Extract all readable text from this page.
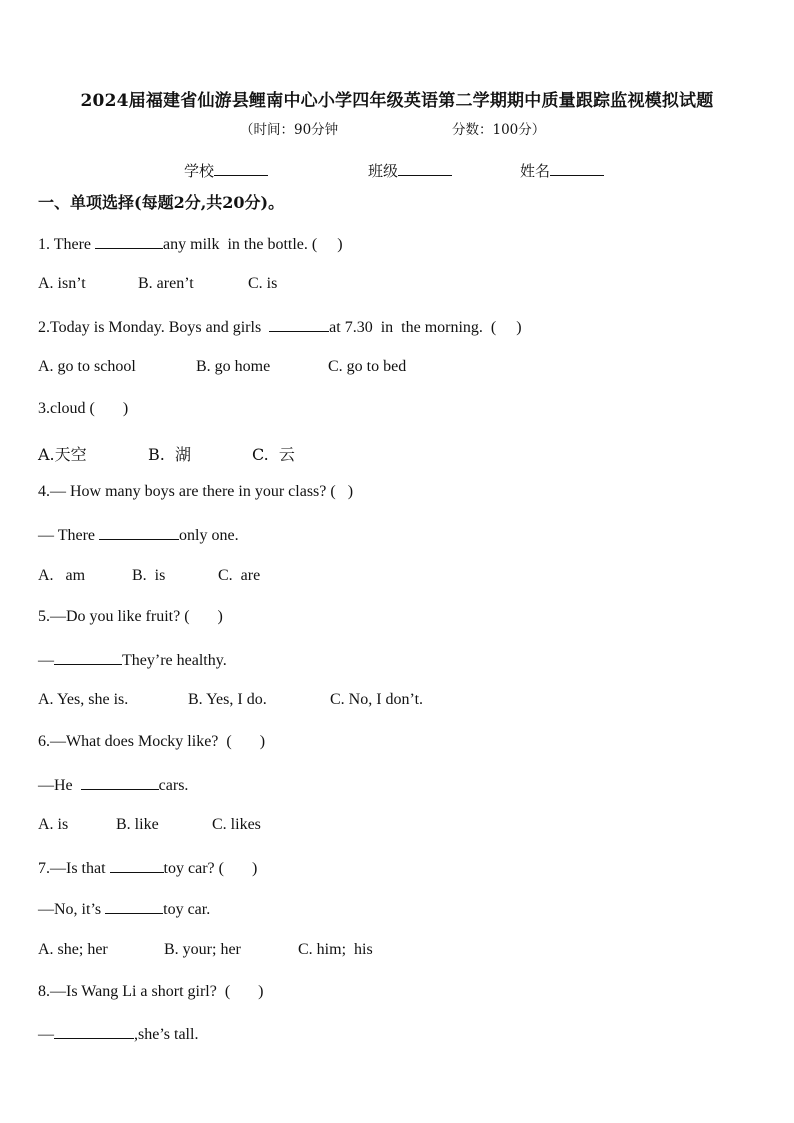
2024届福建省仙游县鲤南中心小学四年级英语第二学期期中质量跟踪监视模拟试题
（时间：90分钟	分数：100分）
学校	班级	姓名
一、单项选择(每题2分,共20分)。
1. There	any milk  in the bottle. (     )
A. isn’t	B. aren’t	C. is
2.Today is Monday. Boys and girls	at 7.30  in  the morning.  (     )
A. go to school	B. go home	C. go to bed
3.cloud (       )
A.天空	B.  湖	C.  云
4.— How many boys are there in your class? (   )
— There	only one.
A.   am	B.  is	C.  are
5.—Do you like fruit? (       )
—	They’re healthy.
A. Yes, she is.	B. Yes, I do.	C. No, I don’t.
6.—What does Mocky like?  (       )
—He	cars.
A. is	B. like	C. likes
7.—Is that	toy car? (       )
—No, it’s	toy car.
A. she; her	B. your; her	C. him;  his
8.—Is Wang Li a short girl?  (       )
—	,she’s tall.
